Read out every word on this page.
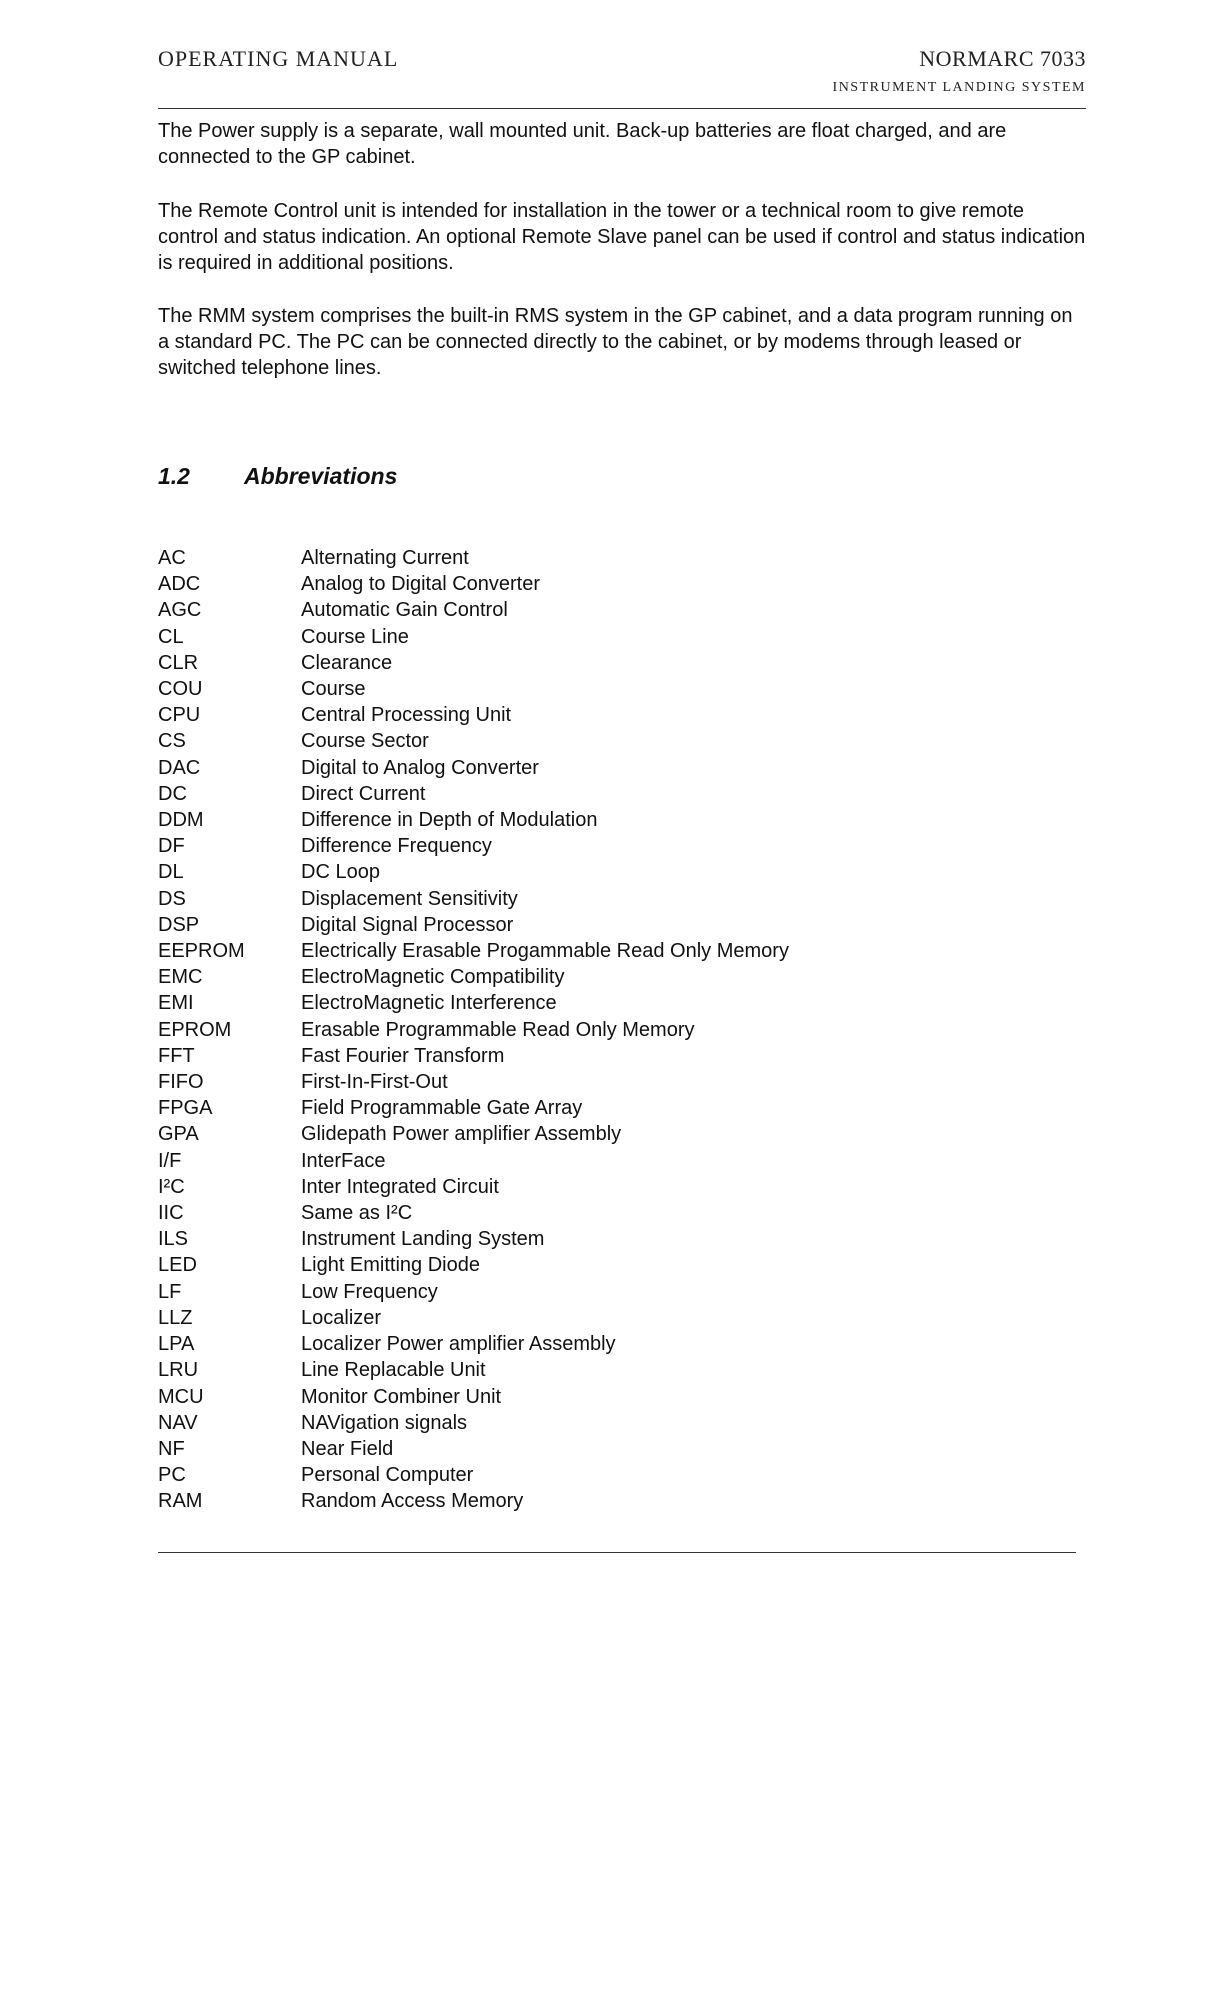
OPERATING MANUAL	NORMARC 7033
INSTRUMENT LANDING SYSTEM

The Power supply is a separate, wall mounted unit. Back-up batteries are float charged, and are connected to the GP cabinet.

The Remote Control unit is intended for installation in the tower or a technical room to give remote control and status indication. An optional Remote Slave panel can be used if control and status indication is required in additional positions.

The RMM system comprises the built-in RMS system in the GP cabinet, and a data program running on a standard PC. The PC can be connected directly to the cabinet, or by modems through leased or switched telephone lines.

1.2 Abbreviations
AC	Alternating Current
ADC	Analog to Digital Converter
AGC	Automatic Gain Control
CL	Course Line
CLR	Clearance
COU	Course
CPU	Central Processing Unit
CS	Course Sector
DAC	Digital to Analog Converter
DC	Direct Current
DDM	Difference in Depth of Modulation
DF	Difference Frequency
DL	DC Loop
DS	Displacement Sensitivity
DSP	Digital Signal Processor
EEPROM	Electrically Erasable Progammable Read Only Memory
EMC	ElectroMagnetic Compatibility
EMI	ElectroMagnetic Interference
EPROM	Erasable Programmable Read Only Memory
FFT	Fast Fourier Transform
FIFO	First-In-First-Out
FPGA	Field Programmable Gate Array
GPA	Glidepath Power amplifier Assembly
I/F	InterFace
I²C	Inter Integrated Circuit
IIC	Same as I²C
ILS	Instrument Landing System
LED	Light Emitting Diode
LF	Low Frequency
LLZ	Localizer
LPA	Localizer Power amplifier Assembly
LRU	Line Replacable Unit
MCU	Monitor Combiner Unit
NAV	NAVigation signals
NF	Near Field
PC	Personal Computer
RAM	Random Access Memory
